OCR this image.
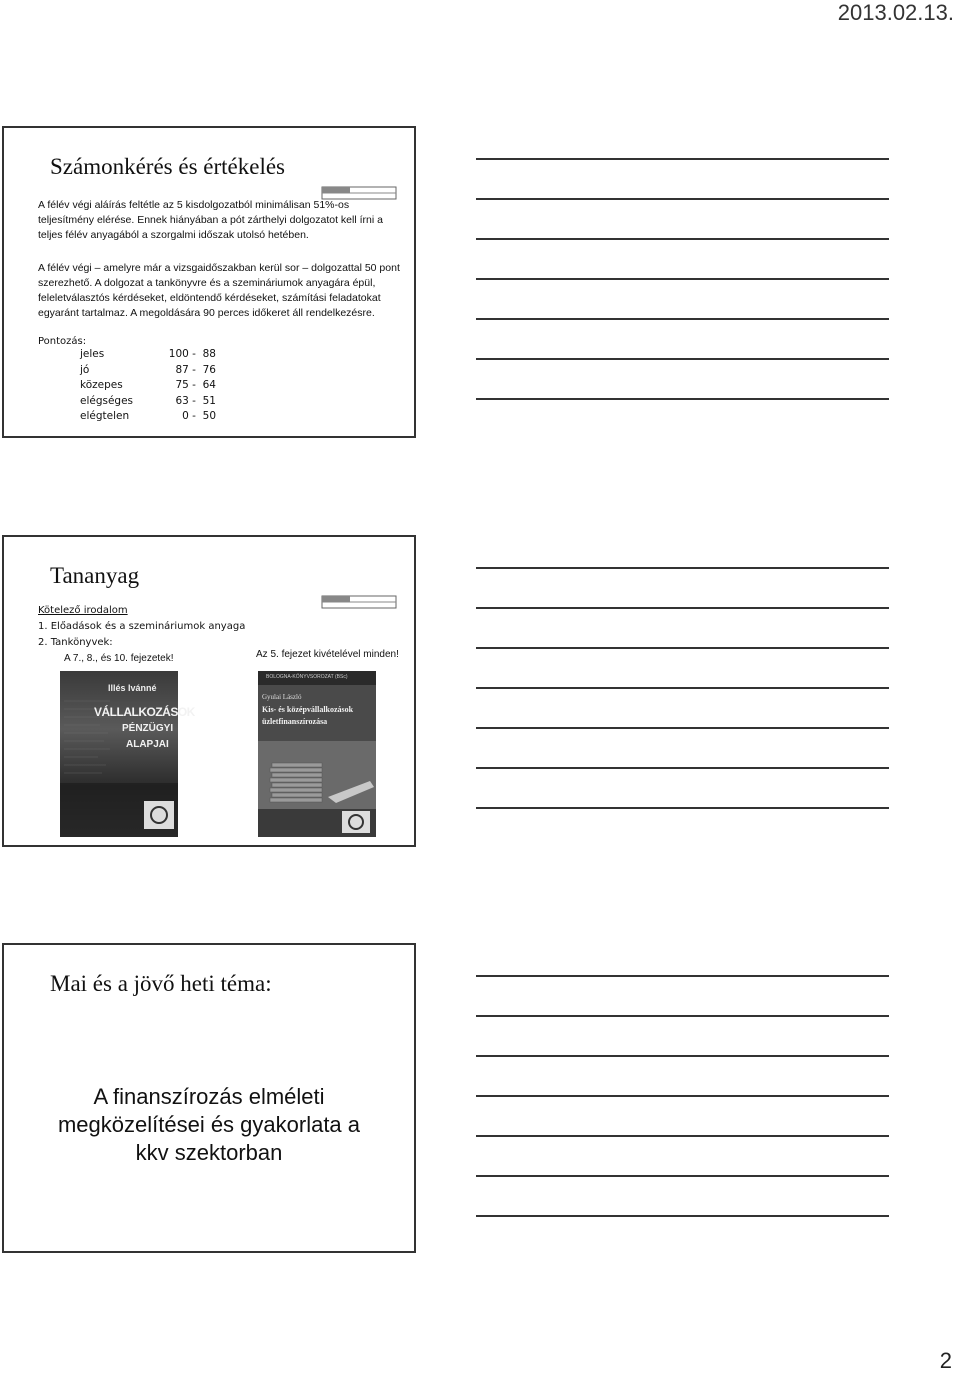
2013.02.13.
Számonkérés és értékelés
A félév végi aláírás feltétle az 5 kisdolgozatból minimálisan 51%-os teljesítmény elérése. Ennek hiányában a pót zárthelyi dolgozatot kell írni a teljes félév anyagából a szorgalmi időszak utolsó hetében.
A félév végi – amelyre már a vizsgaidőszakban kerül sor – dolgozattal 50 pont szerezhető. A dolgozat a tankönyvre és a szemináriumok anyagára épül, feleletválasztós kérdéseket, eldöntendő kérdéseket, számítási feladatokat egyaránt tartalmaz. A megoldására 90 perces időkeret áll rendelkezésre.
Pontozás:
jeles	100 -  88
jó	87 -  76
közepes	75 -  64
elégséges	63 -  51
elégtelen	0 -  50
Tananyag
Kötelező irodalom
1. Előadások és a szemináriumok anyaga
2. Tankönyvek:
A 7., 8., és 10. fejezetek!	Az 5. fejezet kivételével minden!
Illés Ivánné
VÁLLALKOZÁSOK
PÉNZÜGYI
ALAPJAI
BOLOGNA-KÖNYVSOROZAT (BSc)
Gyulai László
Kis- és középvállalkozások
üzletfinanszírozása
Mai és a jövő heti téma:
A finanszírozás elméleti
megközelítései és gyakorlata a
kkv szektorban
2
